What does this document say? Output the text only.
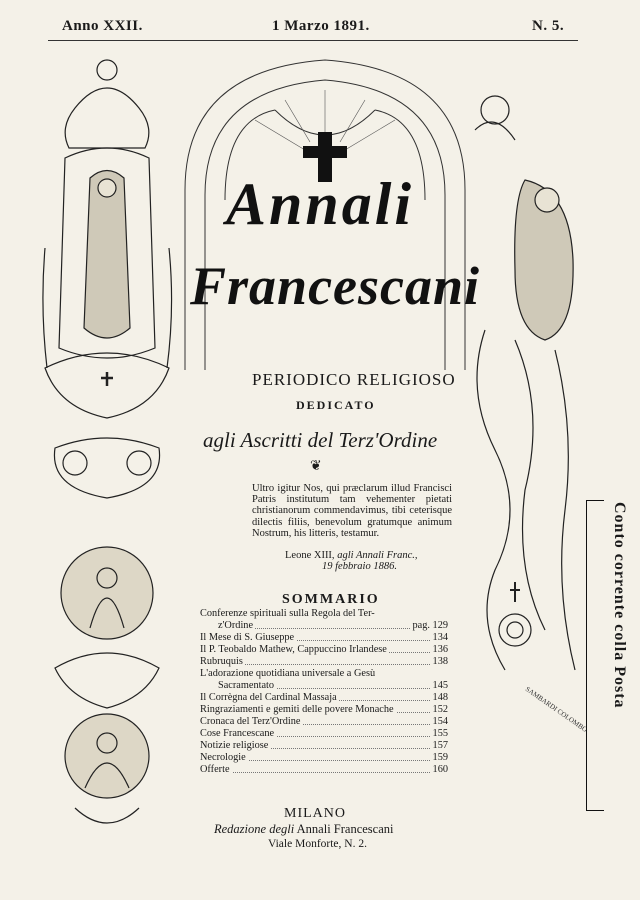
Anno XXII.	1 Marzo 1891.	N. 5.
SAMBARDI COLOMBO
Annali
Francescani
PERIODICO RELIGIOSO
DEDICATO
agli Ascritti del Terz'Ordine
❦

Ultro igitur Nos, qui præclarum illud Francisci Patris institutum tam vehementer pietati christianorum commendavimus, tibi ceterisque dilectis filiis, benevolum gratumque animum Nostrum, his litteris, testamur.

Leone XIII, agli Annali Franc.,
19 febbraio 1886.
SOMMARIO
Conferenze spirituali sulla Regola del Ter-
z'Ordine	pag. 129
Il Mese di S. Giuseppe	134
Il P. Teobaldo Mathew, Cappuccino Irlandese	136
Rubruquis	138
L'adorazione quotidiana universale a Gesù
Sacramentato	145
Il Corrègna del Cardinal Massaja	148
Ringraziamenti e gemiti delle povere Monache	152
Cronaca del Terz'Ordine	154
Cose Francescane	155
Notizie religiose	157
Necrologie	159
Offerte	160
MILANO
Redazione degli Annali Francescani
Viale Monforte, N. 2.
Conto corrente colla Posta
